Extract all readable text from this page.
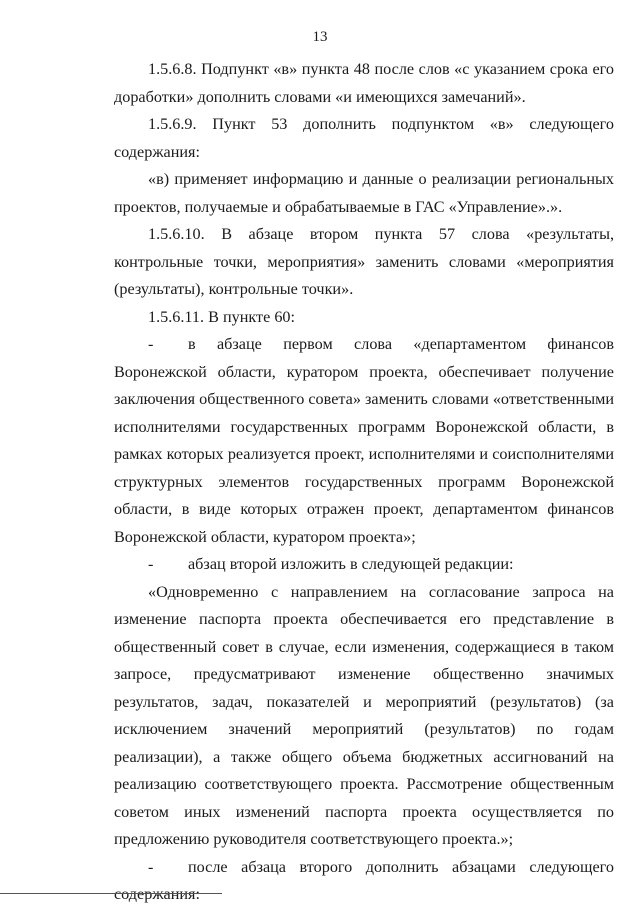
13

1.5.6.8. Подпункт «в» пункта 48 после слов «с указанием срока его доработки» дополнить словами «и имеющихся замечаний».

1.5.6.9. Пункт 53 дополнить подпунктом «в» следующего содержания:

«в) применяет информацию и данные о реализации региональных проектов, получаемые и обрабатываемые в ГАС «Управление».».

1.5.6.10. В абзаце втором пункта 57 слова «результаты, контрольные точки, мероприятия» заменить словами «мероприятия (результаты), контрольные точки».

1.5.6.11. В пункте 60:

- в абзаце первом слова «департаментом финансов Воронежской области, куратором проекта, обеспечивает получение заключения общественного совета» заменить словами «ответственными исполнителями государственных программ Воронежской области, в рамках которых реализуется проект, исполнителями и соисполнителями структурных элементов государственных программ Воронежской области, в виде которых отражен проект, департаментом финансов Воронежской области, куратором проекта»;

- абзац второй изложить в следующей редакции:

«Одновременно с направлением на согласование запроса на изменение паспорта проекта обеспечивается его представление в общественный совет в случае, если изменения, содержащиеся в таком запросе, предусматривают изменение общественно значимых результатов, задач, показателей и мероприятий (результатов) (за исключением значений мероприятий (результатов) по годам реализации), а также общего объема бюджетных ассигнований на реализацию соответствующего проекта. Рассмотрение общественным советом иных изменений паспорта проекта осуществляется по предложению руководителя соответствующего проекта.»;

- после абзаца второго дополнить абзацами следующего содержания:
